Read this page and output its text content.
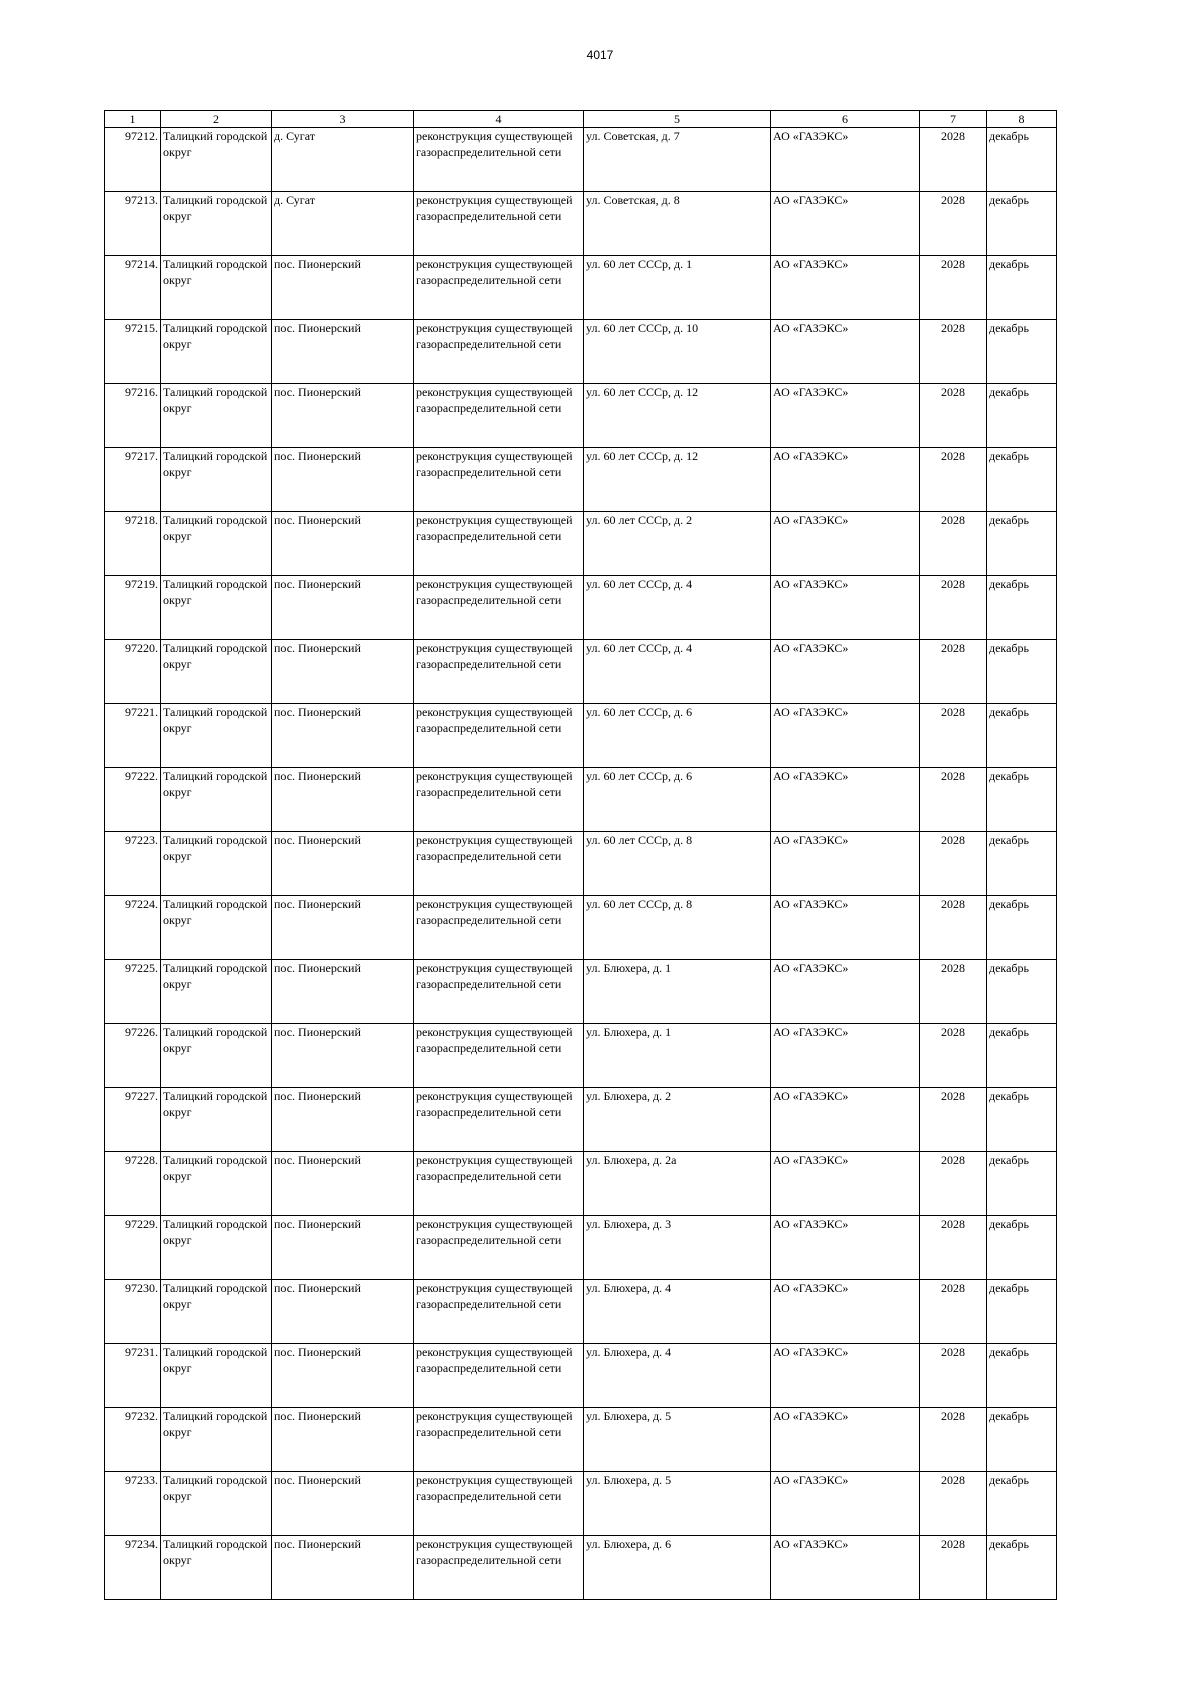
4017
1	2	3	4	5	6	7	8
97212.	Талицкий городской округ	д. Сугат	реконструкция существующей газораспределительной сети	ул. Советская, д. 7	АО «ГАЗЭКС»	2028	декабрь
97213.	Талицкий городской округ	д. Сугат	реконструкция существующей газораспределительной сети	ул. Советская, д. 8	АО «ГАЗЭКС»	2028	декабрь
97214.	Талицкий городской округ	пос. Пионерский	реконструкция существующей газораспределительной сети	ул. 60 лет СССр, д. 1	АО «ГАЗЭКС»	2028	декабрь
97215.	Талицкий городской округ	пос. Пионерский	реконструкция существующей газораспределительной сети	ул. 60 лет СССр, д. 10	АО «ГАЗЭКС»	2028	декабрь
97216.	Талицкий городской округ	пос. Пионерский	реконструкция существующей газораспределительной сети	ул. 60 лет СССр, д. 12	АО «ГАЗЭКС»	2028	декабрь
97217.	Талицкий городской округ	пос. Пионерский	реконструкция существующей газораспределительной сети	ул. 60 лет СССр, д. 12	АО «ГАЗЭКС»	2028	декабрь
97218.	Талицкий городской округ	пос. Пионерский	реконструкция существующей газораспределительной сети	ул. 60 лет СССр, д. 2	АО «ГАЗЭКС»	2028	декабрь
97219.	Талицкий городской округ	пос. Пионерский	реконструкция существующей газораспределительной сети	ул. 60 лет СССр, д. 4	АО «ГАЗЭКС»	2028	декабрь
97220.	Талицкий городской округ	пос. Пионерский	реконструкция существующей газораспределительной сети	ул. 60 лет СССр, д. 4	АО «ГАЗЭКС»	2028	декабрь
97221.	Талицкий городской округ	пос. Пионерский	реконструкция существующей газораспределительной сети	ул. 60 лет СССр, д. 6	АО «ГАЗЭКС»	2028	декабрь
97222.	Талицкий городской округ	пос. Пионерский	реконструкция существующей газораспределительной сети	ул. 60 лет СССр, д. 6	АО «ГАЗЭКС»	2028	декабрь
97223.	Талицкий городской округ	пос. Пионерский	реконструкция существующей газораспределительной сети	ул. 60 лет СССр, д. 8	АО «ГАЗЭКС»	2028	декабрь
97224.	Талицкий городской округ	пос. Пионерский	реконструкция существующей газораспределительной сети	ул. 60 лет СССр, д. 8	АО «ГАЗЭКС»	2028	декабрь
97225.	Талицкий городской округ	пос. Пионерский	реконструкция существующей газораспределительной сети	ул. Блюхера, д. 1	АО «ГАЗЭКС»	2028	декабрь
97226.	Талицкий городской округ	пос. Пионерский	реконструкция существующей газораспределительной сети	ул. Блюхера, д. 1	АО «ГАЗЭКС»	2028	декабрь
97227.	Талицкий городской округ	пос. Пионерский	реконструкция существующей газораспределительной сети	ул. Блюхера, д. 2	АО «ГАЗЭКС»	2028	декабрь
97228.	Талицкий городской округ	пос. Пионерский	реконструкция существующей газораспределительной сети	ул. Блюхера, д. 2а	АО «ГАЗЭКС»	2028	декабрь
97229.	Талицкий городской округ	пос. Пионерский	реконструкция существующей газораспределительной сети	ул. Блюхера, д. 3	АО «ГАЗЭКС»	2028	декабрь
97230.	Талицкий городской округ	пос. Пионерский	реконструкция существующей газораспределительной сети	ул. Блюхера, д. 4	АО «ГАЗЭКС»	2028	декабрь
97231.	Талицкий городской округ	пос. Пионерский	реконструкция существующей газораспределительной сети	ул. Блюхера, д. 4	АО «ГАЗЭКС»	2028	декабрь
97232.	Талицкий городской округ	пос. Пионерский	реконструкция существующей газораспределительной сети	ул. Блюхера, д. 5	АО «ГАЗЭКС»	2028	декабрь
97233.	Талицкий городской округ	пос. Пионерский	реконструкция существующей газораспределительной сети	ул. Блюхера, д. 5	АО «ГАЗЭКС»	2028	декабрь
97234.	Талицкий городской округ	пос. Пионерский	реконструкция существующей газораспределительной сети	ул. Блюхера, д. 6	АО «ГАЗЭКС»	2028	декабрь
